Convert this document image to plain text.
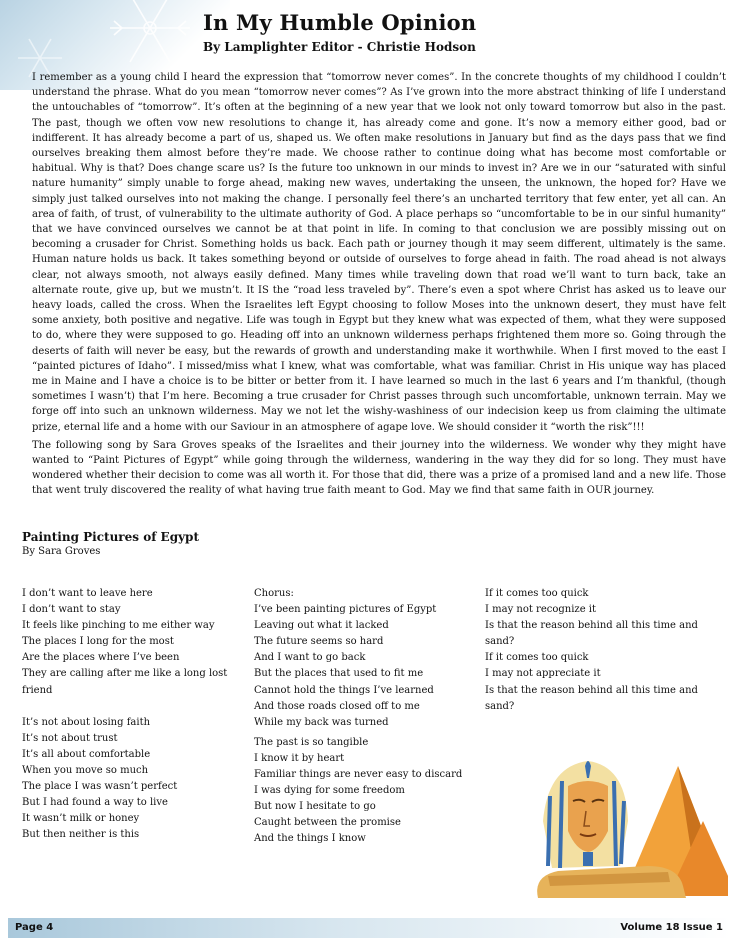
In My Humble Opinion
By Lamplighter Editor - Christie Hodson

I remember as a young child I heard the expression that “tomorrow never comes”. In the concrete thoughts of my childhood I couldn’t understand the phrase. What do you mean “tomorrow never comes”? As I’ve grown into the more abstract thinking of life I understand the untouchables of “tomorrow”. It’s often at the beginning of a new year that we look not only toward tomorrow but also in the past. The past, though we often vow new resolutions to change it, has already come and gone. It’s now a memory either good, bad or indifferent. It has already become a part of us, shaped us. We often make resolutions in January but find as the days pass that we find ourselves breaking them almost before they’re made. We choose rather to continue doing what has become most comfortable or habitual. Why is that? Does change scare us? Is the future too unknown in our minds to invest in? Are we in our “saturated with sinful nature humanity” simply unable to forge ahead, making new waves, undertaking the unseen, the unknown, the hoped for? Have we simply just talked ourselves into not making the change. I personally feel there’s an uncharted territory that few enter, yet all can. An area of faith, of trust, of vulnerability to the ultimate authority of God. A place perhaps so “uncomfortable to be in our sinful humanity” that we have convinced ourselves we cannot be at that point in life. In coming to that conclusion we are possibly missing out on becoming a crusader for Christ. Something holds us back. Each path or journey though it may seem different, ultimately is the same. Human nature holds us back. It takes something beyond or outside of ourselves to forge ahead in faith. The road ahead is not always clear, not always smooth, not always easily defined. Many times while traveling down that road we’ll want to turn back, take an alternate route, give up, but we mustn’t. It IS the “road less traveled by”. There’s even a spot where Christ has asked us to leave our heavy loads, called the cross. When the Israelites left Egypt choosing to follow Moses into the unknown desert, they must have felt some anxiety, both positive and negative. Life was tough in Egypt but they knew what was expected of them, what they were supposed to do, where they were supposed to go. Heading off into an unknown wilderness perhaps frightened them more so. Going through the deserts of faith will never be easy, but the rewards of growth and understanding make it worthwhile. When I first moved to the east I “painted pictures of Idaho”. I missed/miss what I knew, what was comfortable, what was familiar. Christ in His unique way has placed me in Maine and I have a choice is to be bitter or better from it. I have learned so much in the last 6 years and I’m thankful, (though sometimes I wasn’t) that I’m here. Becoming a true crusader for Christ passes through such uncomfortable, unknown terrain. May we forge off into such an unknown wilderness. May we not let the wishy-washiness of our indecision keep us from claiming the ultimate prize, eternal life and a home with our Saviour in an atmosphere of agape love. We should consider it “worth the risk”!!!

The following song by Sara Groves speaks of the Israelites and their journey into the wilderness. We wonder why they might have wanted to “Paint Pictures of Egypt” while going through the wilderness, wandering in the way they did for so long. They must have wondered whether their decision to come was all worth it. For those that did, there was a prize of a promised land and a new life. Those that went truly discovered the reality of what having true faith meant to God. May we find that same faith in OUR journey.

Painting Pictures of Egypt
By Sara Groves
I don’t want to leave here
I don’t want to stay
It feels like pinching to me either way
The places I long for the most
Are the places where I’ve been
They are calling after me like a long lost friend
It’s not about losing faith
It’s not about trust
It’s all about comfortable
When you move so much
The place I was wasn’t perfect
But I had found a way to live
It wasn’t milk or honey
But then neither is this
Chorus:
I’ve been painting pictures of Egypt
Leaving out what it lacked
The future seems so hard
And I want to go back
But the places that used to fit me
Cannot hold the things I’ve learned
And those roads closed off to me
While my back was turned
The past is so tangible
I know it by heart
Familiar things are never easy to discard
I was dying for some freedom
But now I hesitate to go
Caught between the promise
And the things I know
If it comes too quick
I may not recognize it
Is that the reason behind all this time and sand?
If it comes too quick
I may not appreciate it
Is that the reason behind all this time and sand?
Page 4	Volume 18 Issue 1
